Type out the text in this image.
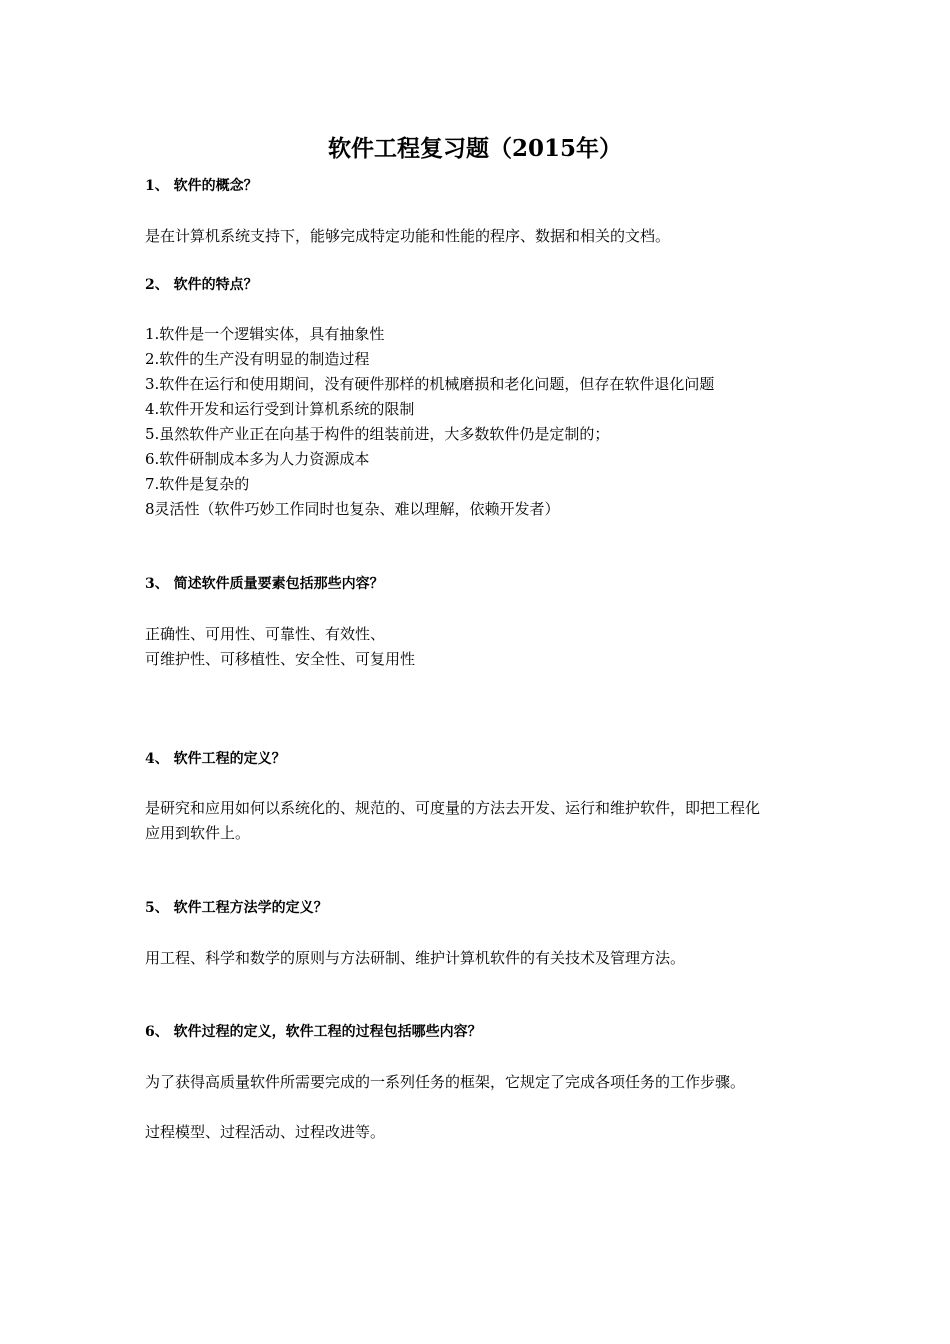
软件工程复习题（2015年）
1、 软件的概念？
是在计算机系统支持下，能够完成特定功能和性能的程序、数据和相关的文档。
2、 软件的特点？
1.软件是一个逻辑实体，具有抽象性
2.软件的生产没有明显的制造过程
3.软件在运行和使用期间，没有硬件那样的机械磨损和老化问题，但存在软件退化问题
4.软件开发和运行受到计算机系统的限制
5.虽然软件产业正在向基于构件的组装前进，大多数软件仍是定制的；
6.软件研制成本多为人力资源成本
7.软件是复杂的
8灵活性（软件巧妙工作同时也复杂、难以理解，依赖开发者）
3、 简述软件质量要素包括那些内容？
正确性、可用性、可靠性、有效性、
可维护性、可移植性、安全性、可复用性
4、 软件工程的定义？
是研究和应用如何以系统化的、规范的、可度量的方法去开发、运行和维护软件，即把工程化
应用到软件上。
5、 软件工程方法学的定义？
用工程、科学和数学的原则与方法研制、维护计算机软件的有关技术及管理方法。
6、 软件过程的定义，软件工程的过程包括哪些内容？
为了获得高质量软件所需要完成的一系列任务的框架，它规定了完成各项任务的工作步骤。
过程模型、过程活动、过程改进等。
